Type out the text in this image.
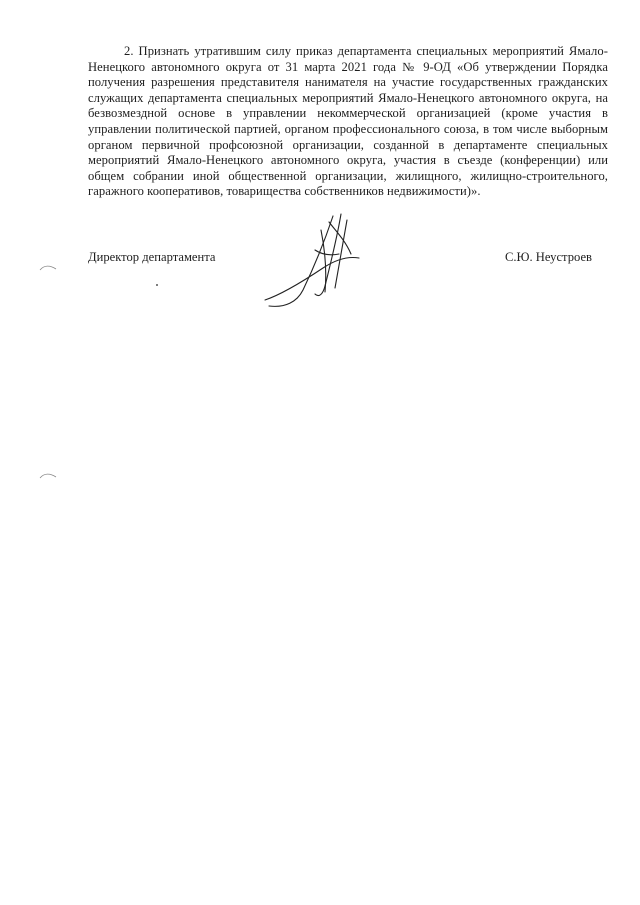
2. Признать утратившим силу приказ департамента специальных мероприятий Ямало-Ненецкого автономного округа от 31 марта 2021 года № 9-ОД «Об утверждении Порядка получения разрешения представителя нанимателя на участие государственных гражданских служащих департамента специальных мероприятий Ямало-Ненецкого автономного округа, на безвозмездной основе в управлении некоммерческой организацией (кроме участия в управлении политической партией, органом профессионального союза, в том числе выборным органом первичной профсоюзной организации, созданной в департаменте специальных мероприятий Ямало-Ненецкого автономного округа, участия в съезде (конференции) или общем собрании иной общественной организации, жилищного, жилищно-строительного, гаражного кооперативов, товарищества собственников недвижимости)».

Директор департамента	С.Ю. Неустроев
